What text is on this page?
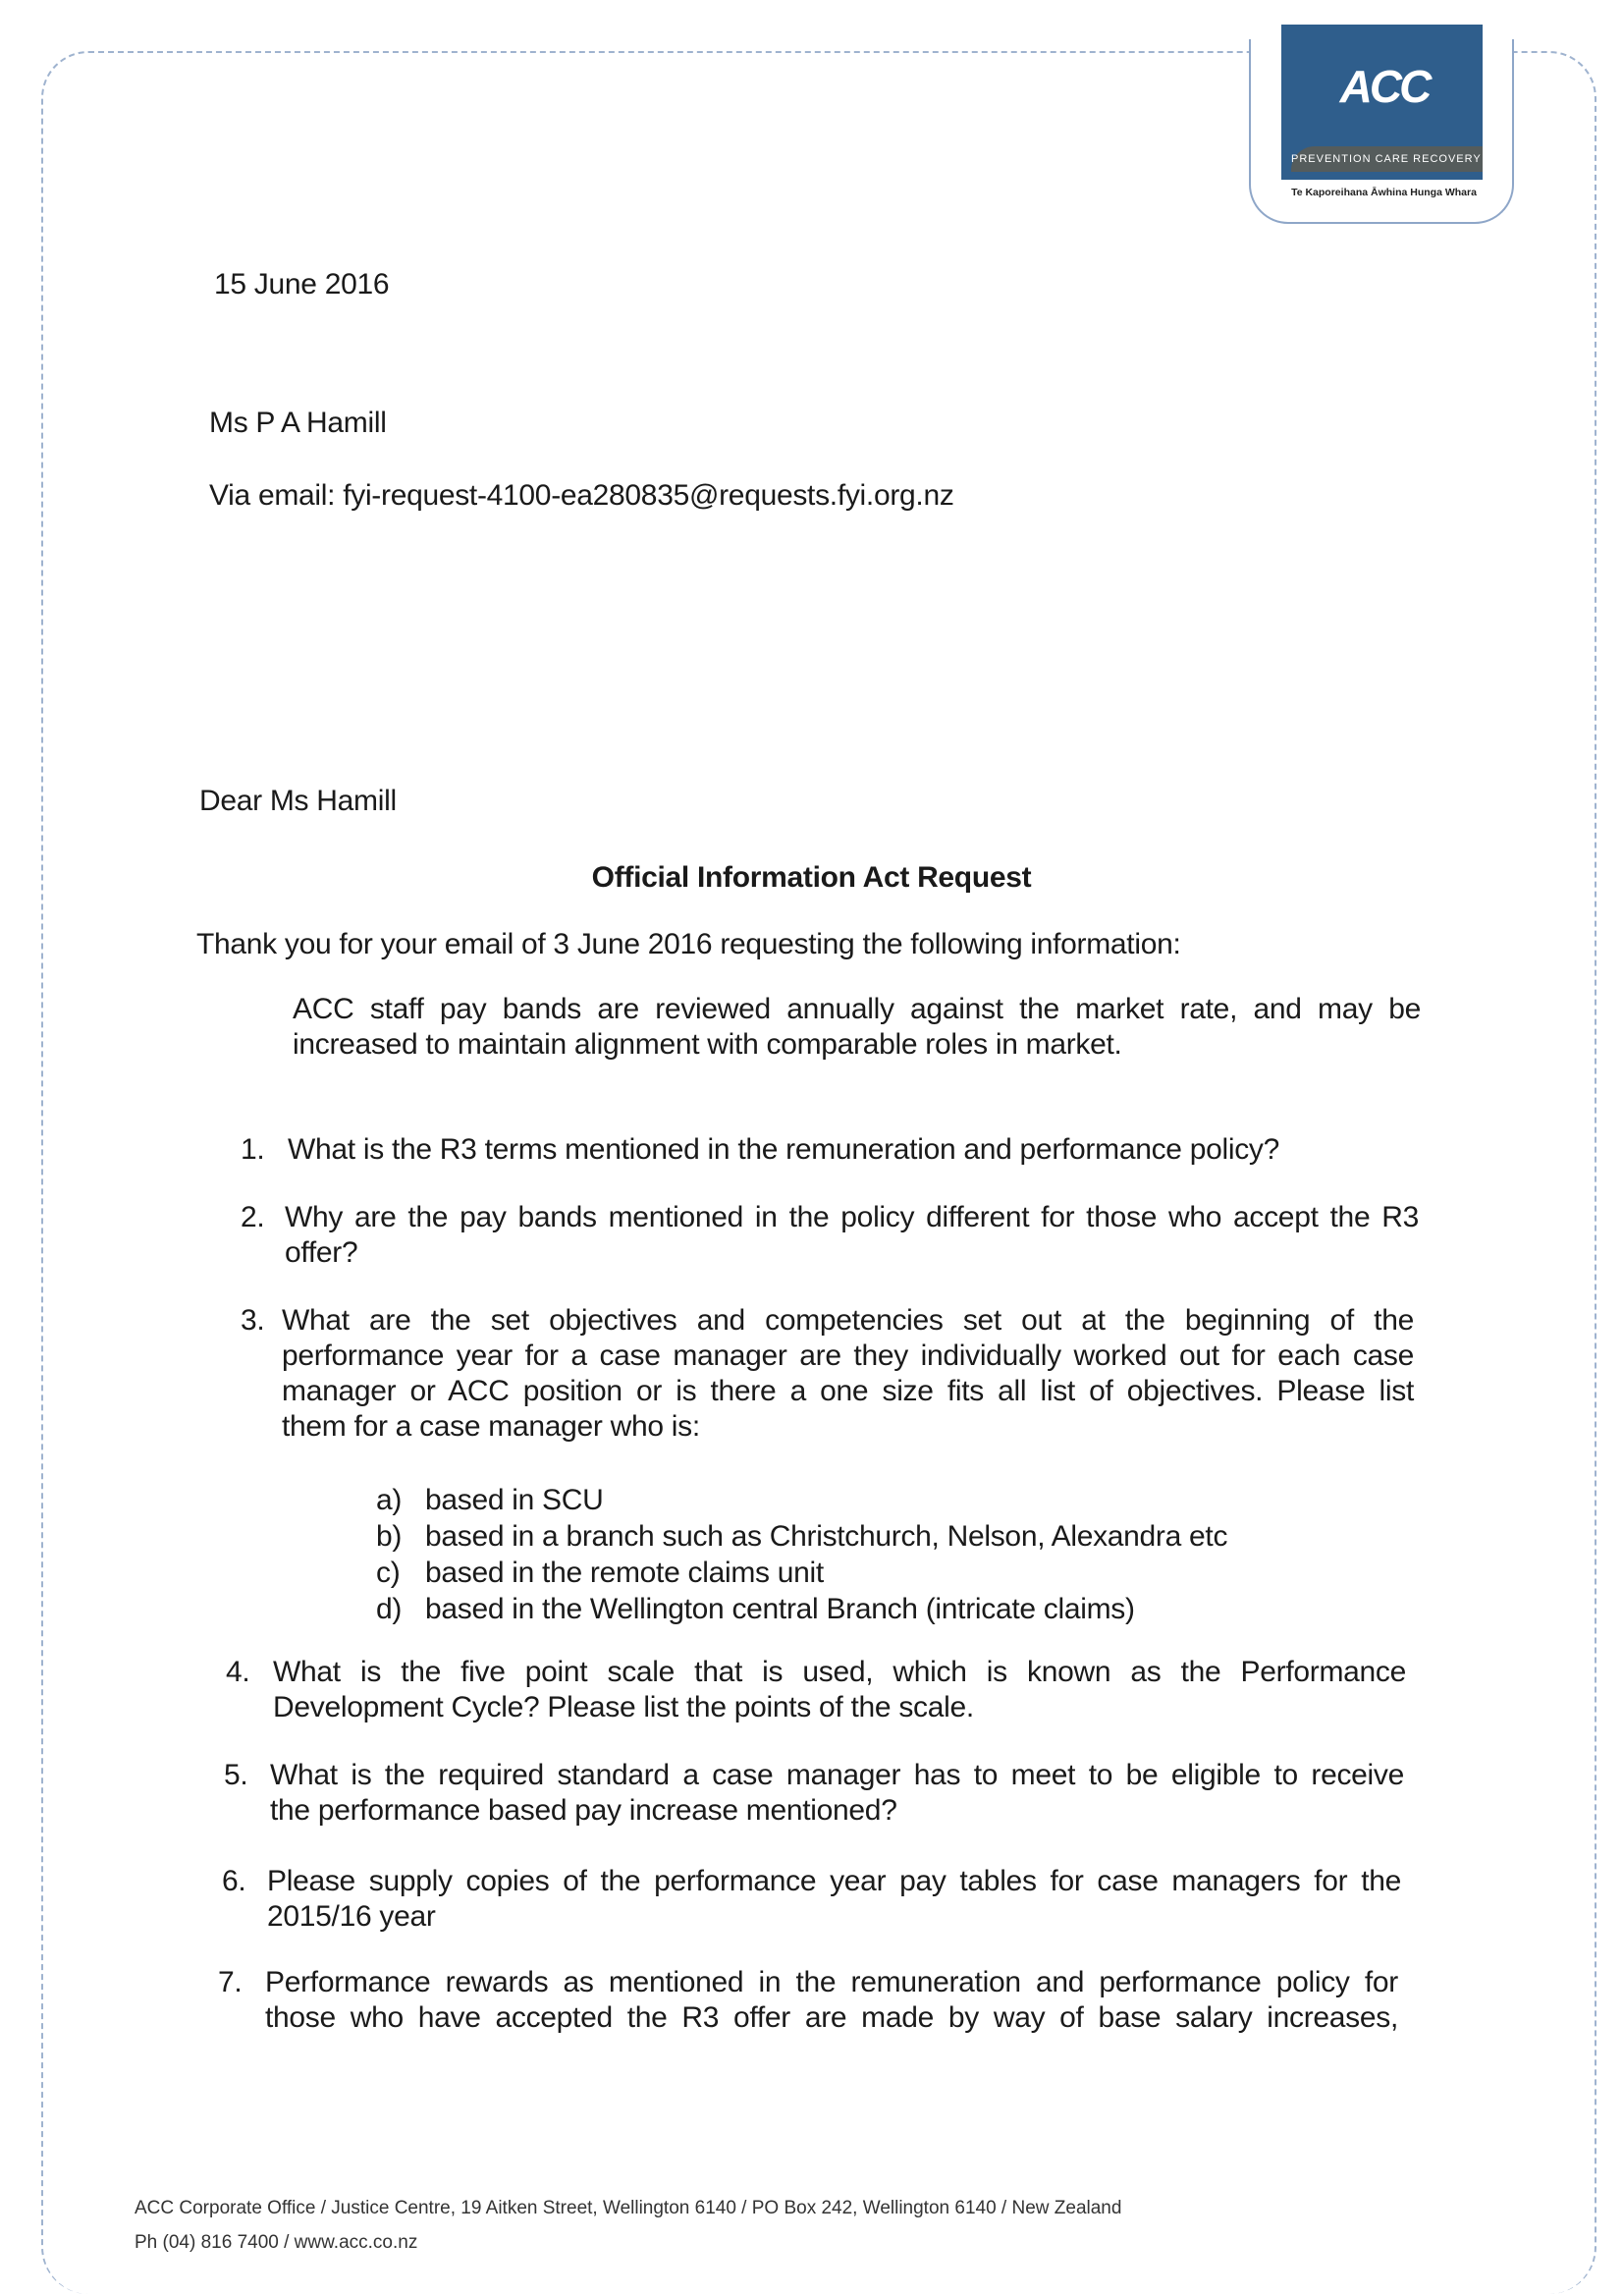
ACC
PREVENTION CARE RECOVERY
Te Kaporeihana Āwhina Hunga Whara
15 June 2016
Ms P A Hamill
Via email: fyi-request-4100-ea280835@requests.fyi.org.nz
Dear Ms Hamill
Official Information Act Request
Thank you for your email of 3 June 2016 requesting the following information:
ACC staff pay bands are reviewed annually against the market rate, and may be
increased to maintain alignment with comparable roles in market.
1. What is the R3 terms mentioned in the remuneration and performance policy?
2. Why are the pay bands mentioned in the policy different for those who accept the R3
offer?
3. What are the set objectives and competencies set out at the beginning of the
performance year for a case manager are they individually worked out for each case
manager or ACC position or is there a one size fits all list of objectives. Please list
them for a case manager who is:
a) based in SCU
b) based in a branch such as Christchurch, Nelson, Alexandra etc
c) based in the remote claims unit
d) based in the Wellington central Branch (intricate claims)
4. What is the five point scale that is used, which is known as the Performance
Development Cycle? Please list the points of the scale.
5. What is the required standard a case manager has to meet to be eligible to receive
the performance based pay increase mentioned?
6. Please supply copies of the performance year pay tables for case managers for the
2015/16 year
7. Performance rewards as mentioned in the remuneration and performance policy for
those who have accepted the R3 offer are made by way of base salary increases,
ACC Corporate Office / Justice Centre, 19 Aitken Street, Wellington 6140 / PO Box 242, Wellington 6140 / New Zealand
Ph (04) 816 7400 / www.acc.co.nz
